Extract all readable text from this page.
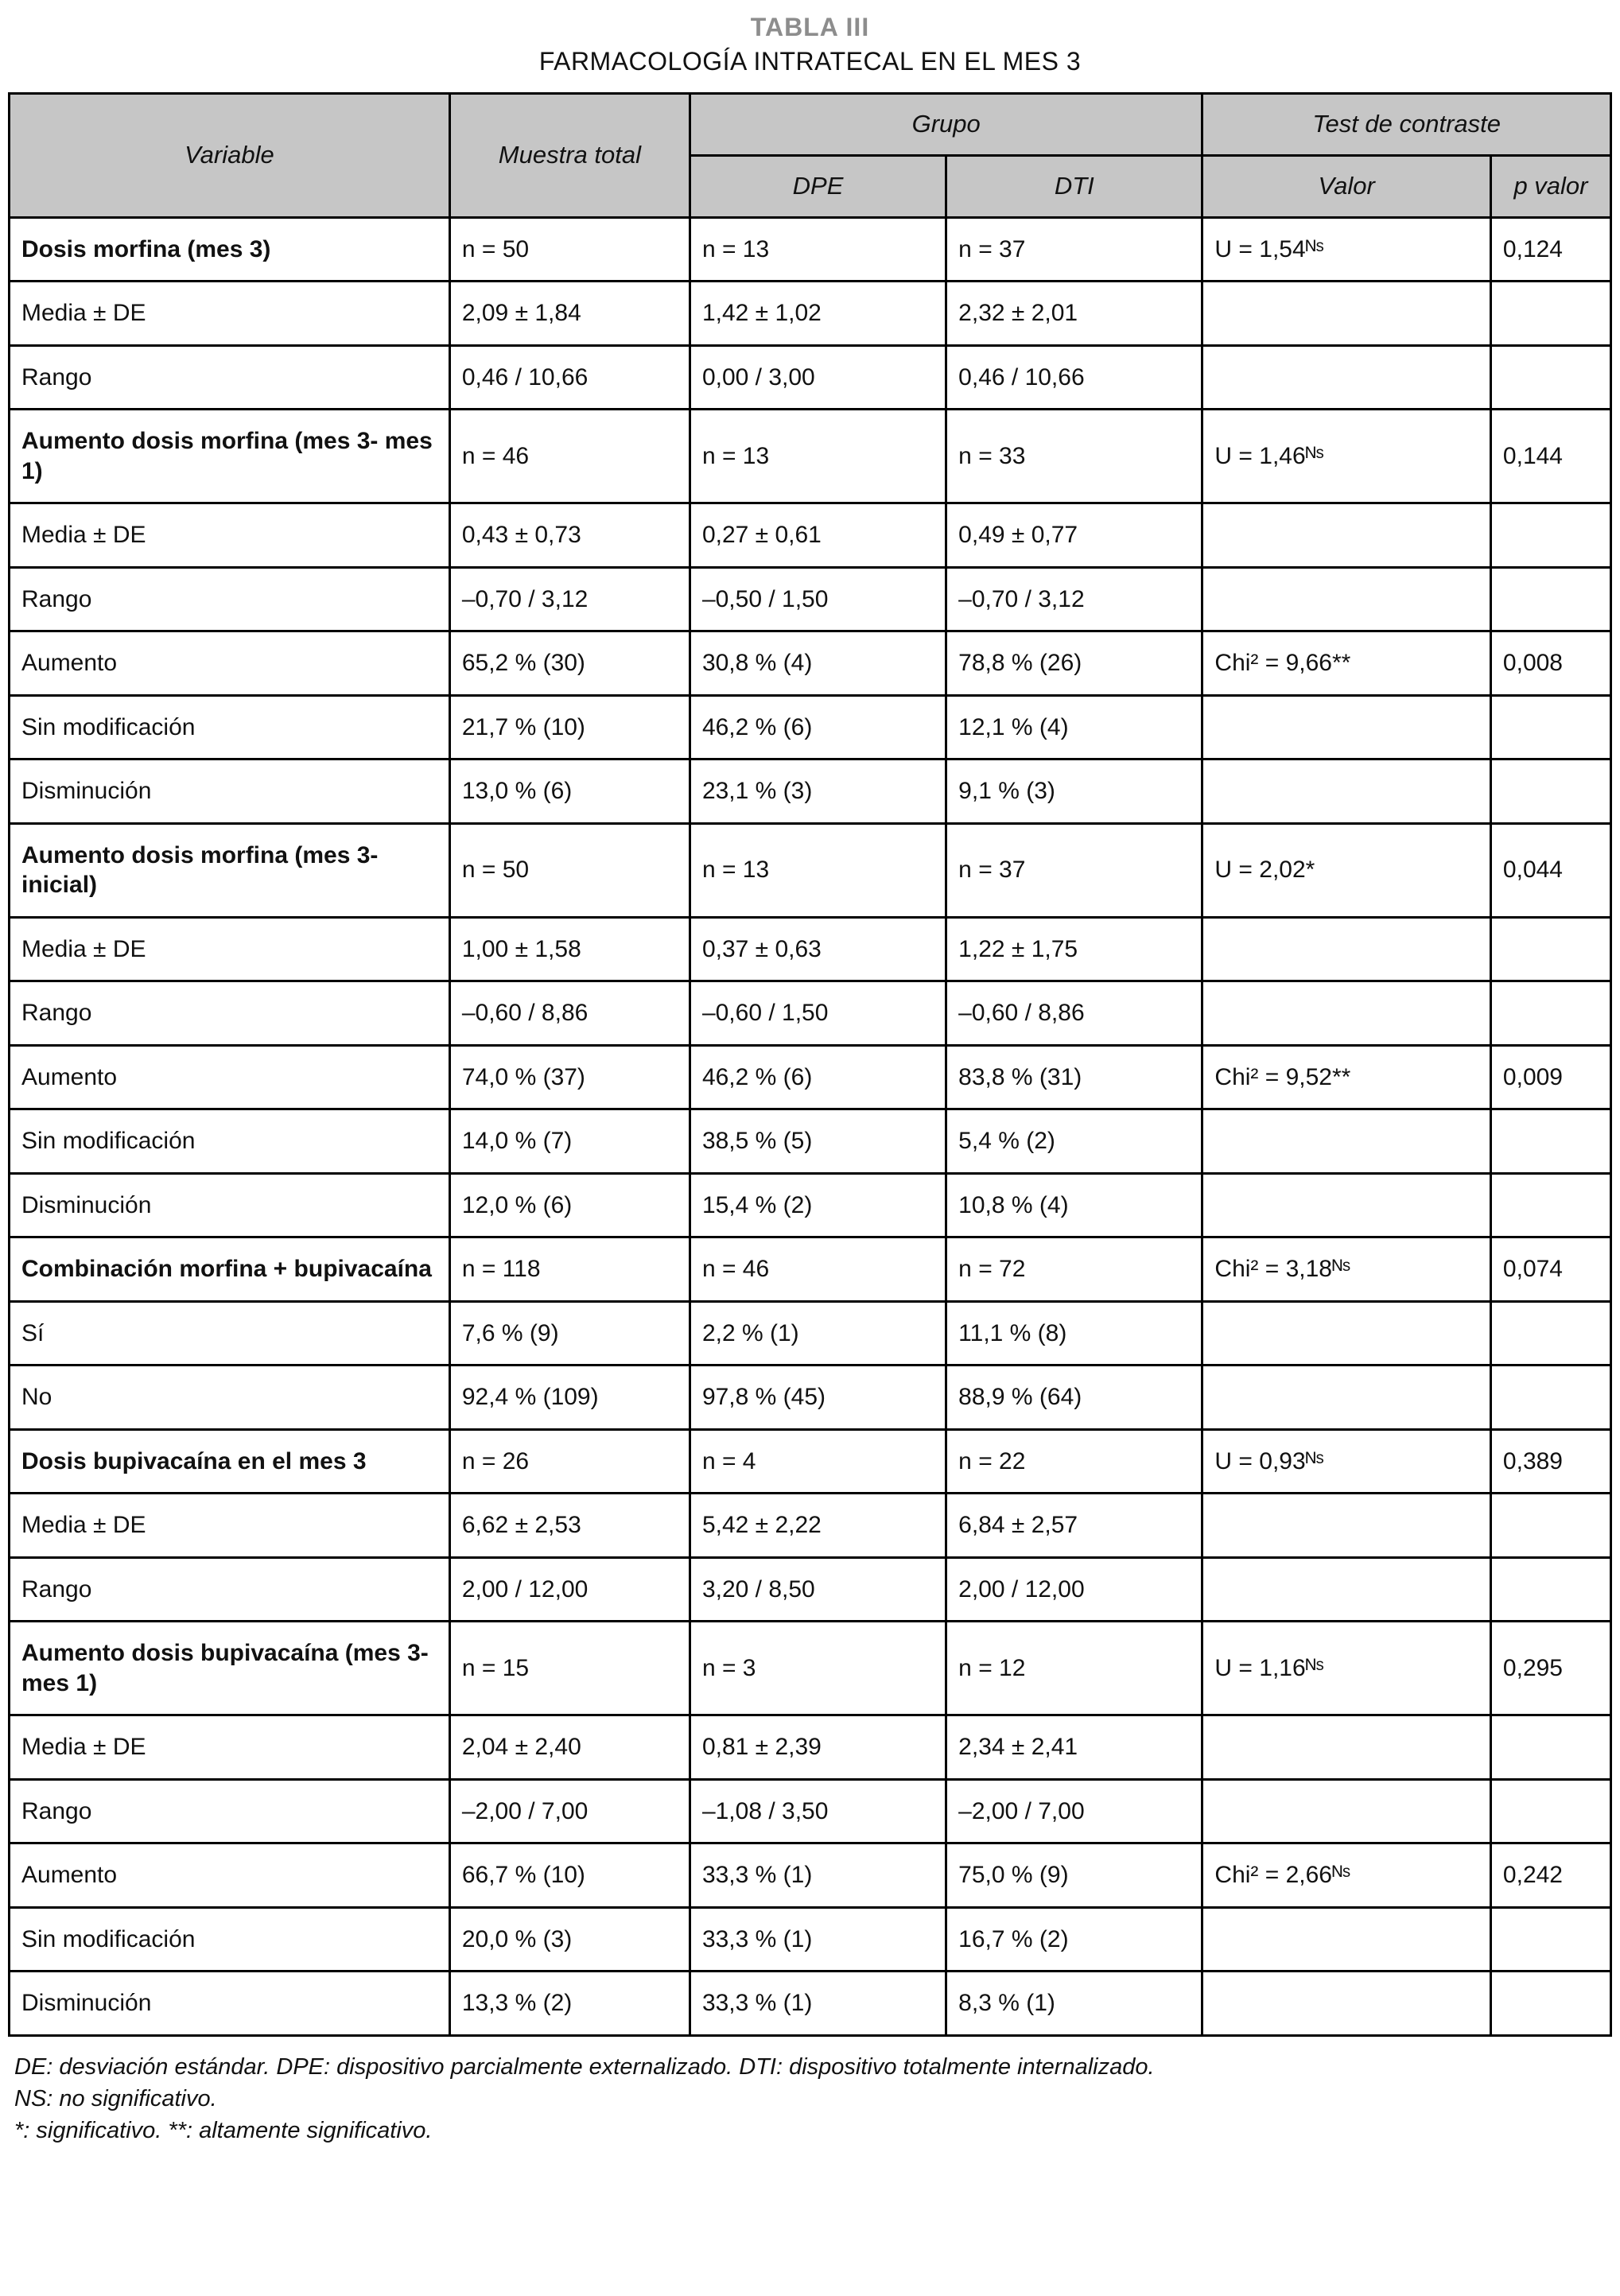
TABLA III
FARMACOLOGÍA INTRATECAL EN EL MES 3
Variable	Muestra total	Grupo		Test de contraste	
		DPE	DTI	Valor	p valor
Dosis morfina (mes 3)	n = 50	n = 13	n = 37	U = 1,54ᴺˢ	0,124
Media ± DE	2,09 ± 1,84	1,42 ± 1,02	2,32 ± 2,01		
Rango	0,46 / 10,66	0,00 / 3,00	0,46 / 10,66		
Aumento dosis morfina (mes 3- mes 1)	n = 46	n = 13	n = 33	U = 1,46ᴺˢ	0,144
Media ± DE	0,43 ± 0,73	0,27 ± 0,61	0,49 ± 0,77		
Rango	–0,70 / 3,12	–0,50 / 1,50	–0,70 / 3,12		
Aumento	65,2 % (30)	30,8 % (4)	78,8 % (26)	Chi² = 9,66**	0,008
Sin modificación	21,7 % (10)	46,2 % (6)	12,1 % (4)		
Disminución	13,0 % (6)	23,1 % (3)	9,1 % (3)		
Aumento dosis morfina (mes 3-inicial)	n = 50	n = 13	n = 37	U = 2,02*	0,044
Media ± DE	1,00 ± 1,58	0,37 ± 0,63	1,22 ± 1,75		
Rango	–0,60 / 8,86	–0,60 / 1,50	–0,60 / 8,86		
Aumento	74,0 % (37)	46,2 % (6)	83,8 % (31)	Chi² = 9,52**	0,009
Sin modificación	14,0 % (7)	38,5 % (5)	5,4 % (2)		
Disminución	12,0 % (6)	15,4 % (2)	10,8 % (4)		
Combinación morfina + bupivacaína	n = 118	n = 46	n = 72	Chi² = 3,18ᴺˢ	0,074
Sí	7,6 % (9)	2,2 % (1)	11,1 % (8)		
No	92,4 % (109)	97,8 % (45)	88,9 % (64)		
Dosis bupivacaína en el mes 3	n = 26	n = 4	n = 22	U = 0,93ᴺˢ	0,389
Media ± DE	6,62 ± 2,53	5,42 ± 2,22	6,84 ± 2,57		
Rango	2,00 / 12,00	3,20 / 8,50	2,00 / 12,00		
Aumento dosis bupivacaína (mes 3-mes 1)	n = 15	n = 3	n = 12	U = 1,16ᴺˢ	0,295
Media ± DE	2,04 ± 2,40	0,81 ± 2,39	2,34 ± 2,41		
Rango	–2,00 / 7,00	–1,08 / 3,50	–2,00 / 7,00		
Aumento	66,7 % (10)	33,3 % (1)	75,0 % (9)	Chi² = 2,66ᴺˢ	0,242
Sin modificación	20,0 % (3)	33,3 % (1)	16,7 % (2)		
Disminución	13,3 % (2)	33,3 % (1)	8,3 % (1)		

DE: desviación estándar. DPE: dispositivo parcialmente externalizado. DTI: dispositivo totalmente internalizado.

NS: no significativo.

*: significativo. **: altamente significativo.
